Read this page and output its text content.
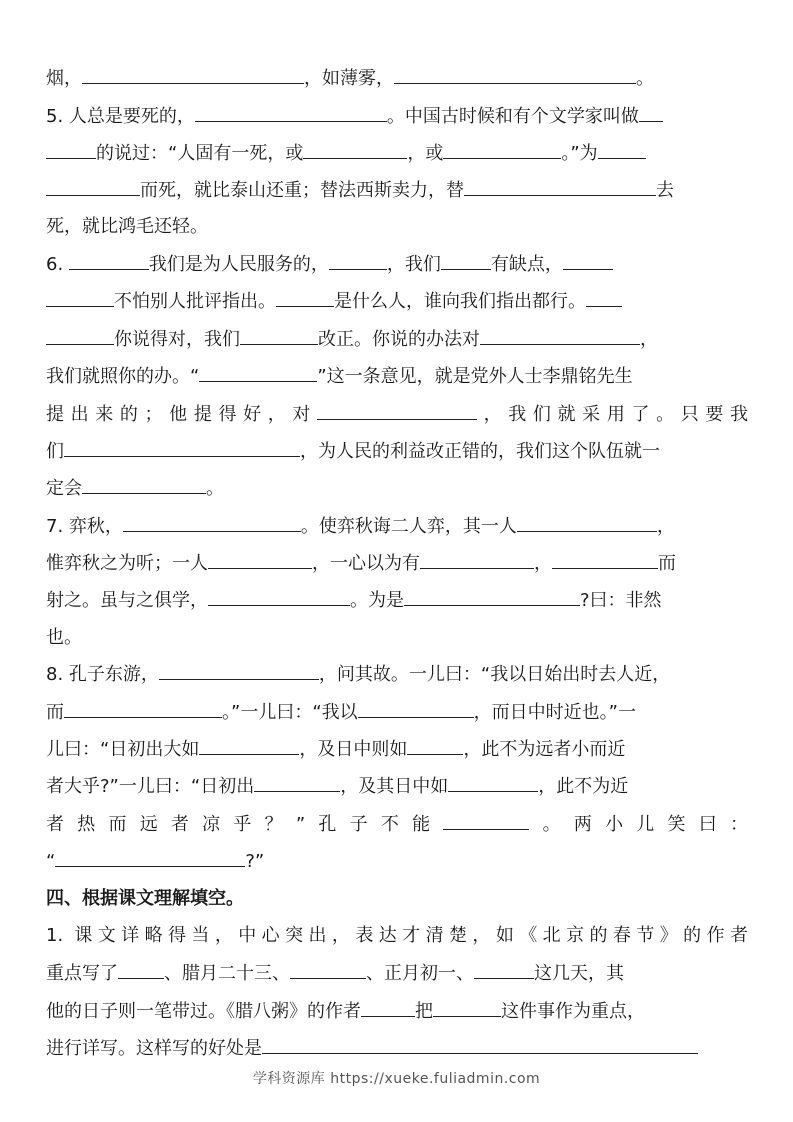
烟，	，如薄雾，	。
5. 人总是要死的，	。中国古时候和有个文学家叫做
的说过：“人固有一死，或	，或	。”为
而死，就比泰山还重；替法西斯卖力，替	去
死，就比鸿毛还轻。
6.	我们是为人民服务的，	，我们	有缺点，
不怕别人批评指出。	是什么人，谁向我们指出都行。
你说得对，我们	改正。你说的办法对	，
我们就照你的办。“	”这一条意见，就是党外人士李鼎铭先生
提出来的；他提得好，对	，我们就采用了。只要我
们	，为人民的利益改正错的，我们这个队伍就一
定会	。
7. 弈秋，	。使弈秋诲二人弈，其一人	，
惟弈秋之为听；一人	，一心以为有	，	而
射之。虽与之俱学，	。为是	?曰：非然
也。
8. 孔子东游，	，问其故。一儿曰：“我以日始出时去人近，
而	。”一儿曰：“我以	，而日中时近也。”一
儿曰：“日初出大如	，及日中则如	，此不为远者小而近
者大乎?”一儿曰：“日初出	，及其日中如	，此不为近
者热而远者凉乎？”孔子不能	。两小儿笑曰：
“	?”
四、根据课文理解填空。
1. 课文详略得当，中心突出，表达才清楚，如《北京的春节》的作者
重点写了	、腊月二十三、	、正月初一、	这几天，其
他的日子则一笔带过。《腊八粥》的作者	把	这件事作为重点，
进行详写。这样写的好处是
学科资源库 https://xueke.fuliadmin.com
